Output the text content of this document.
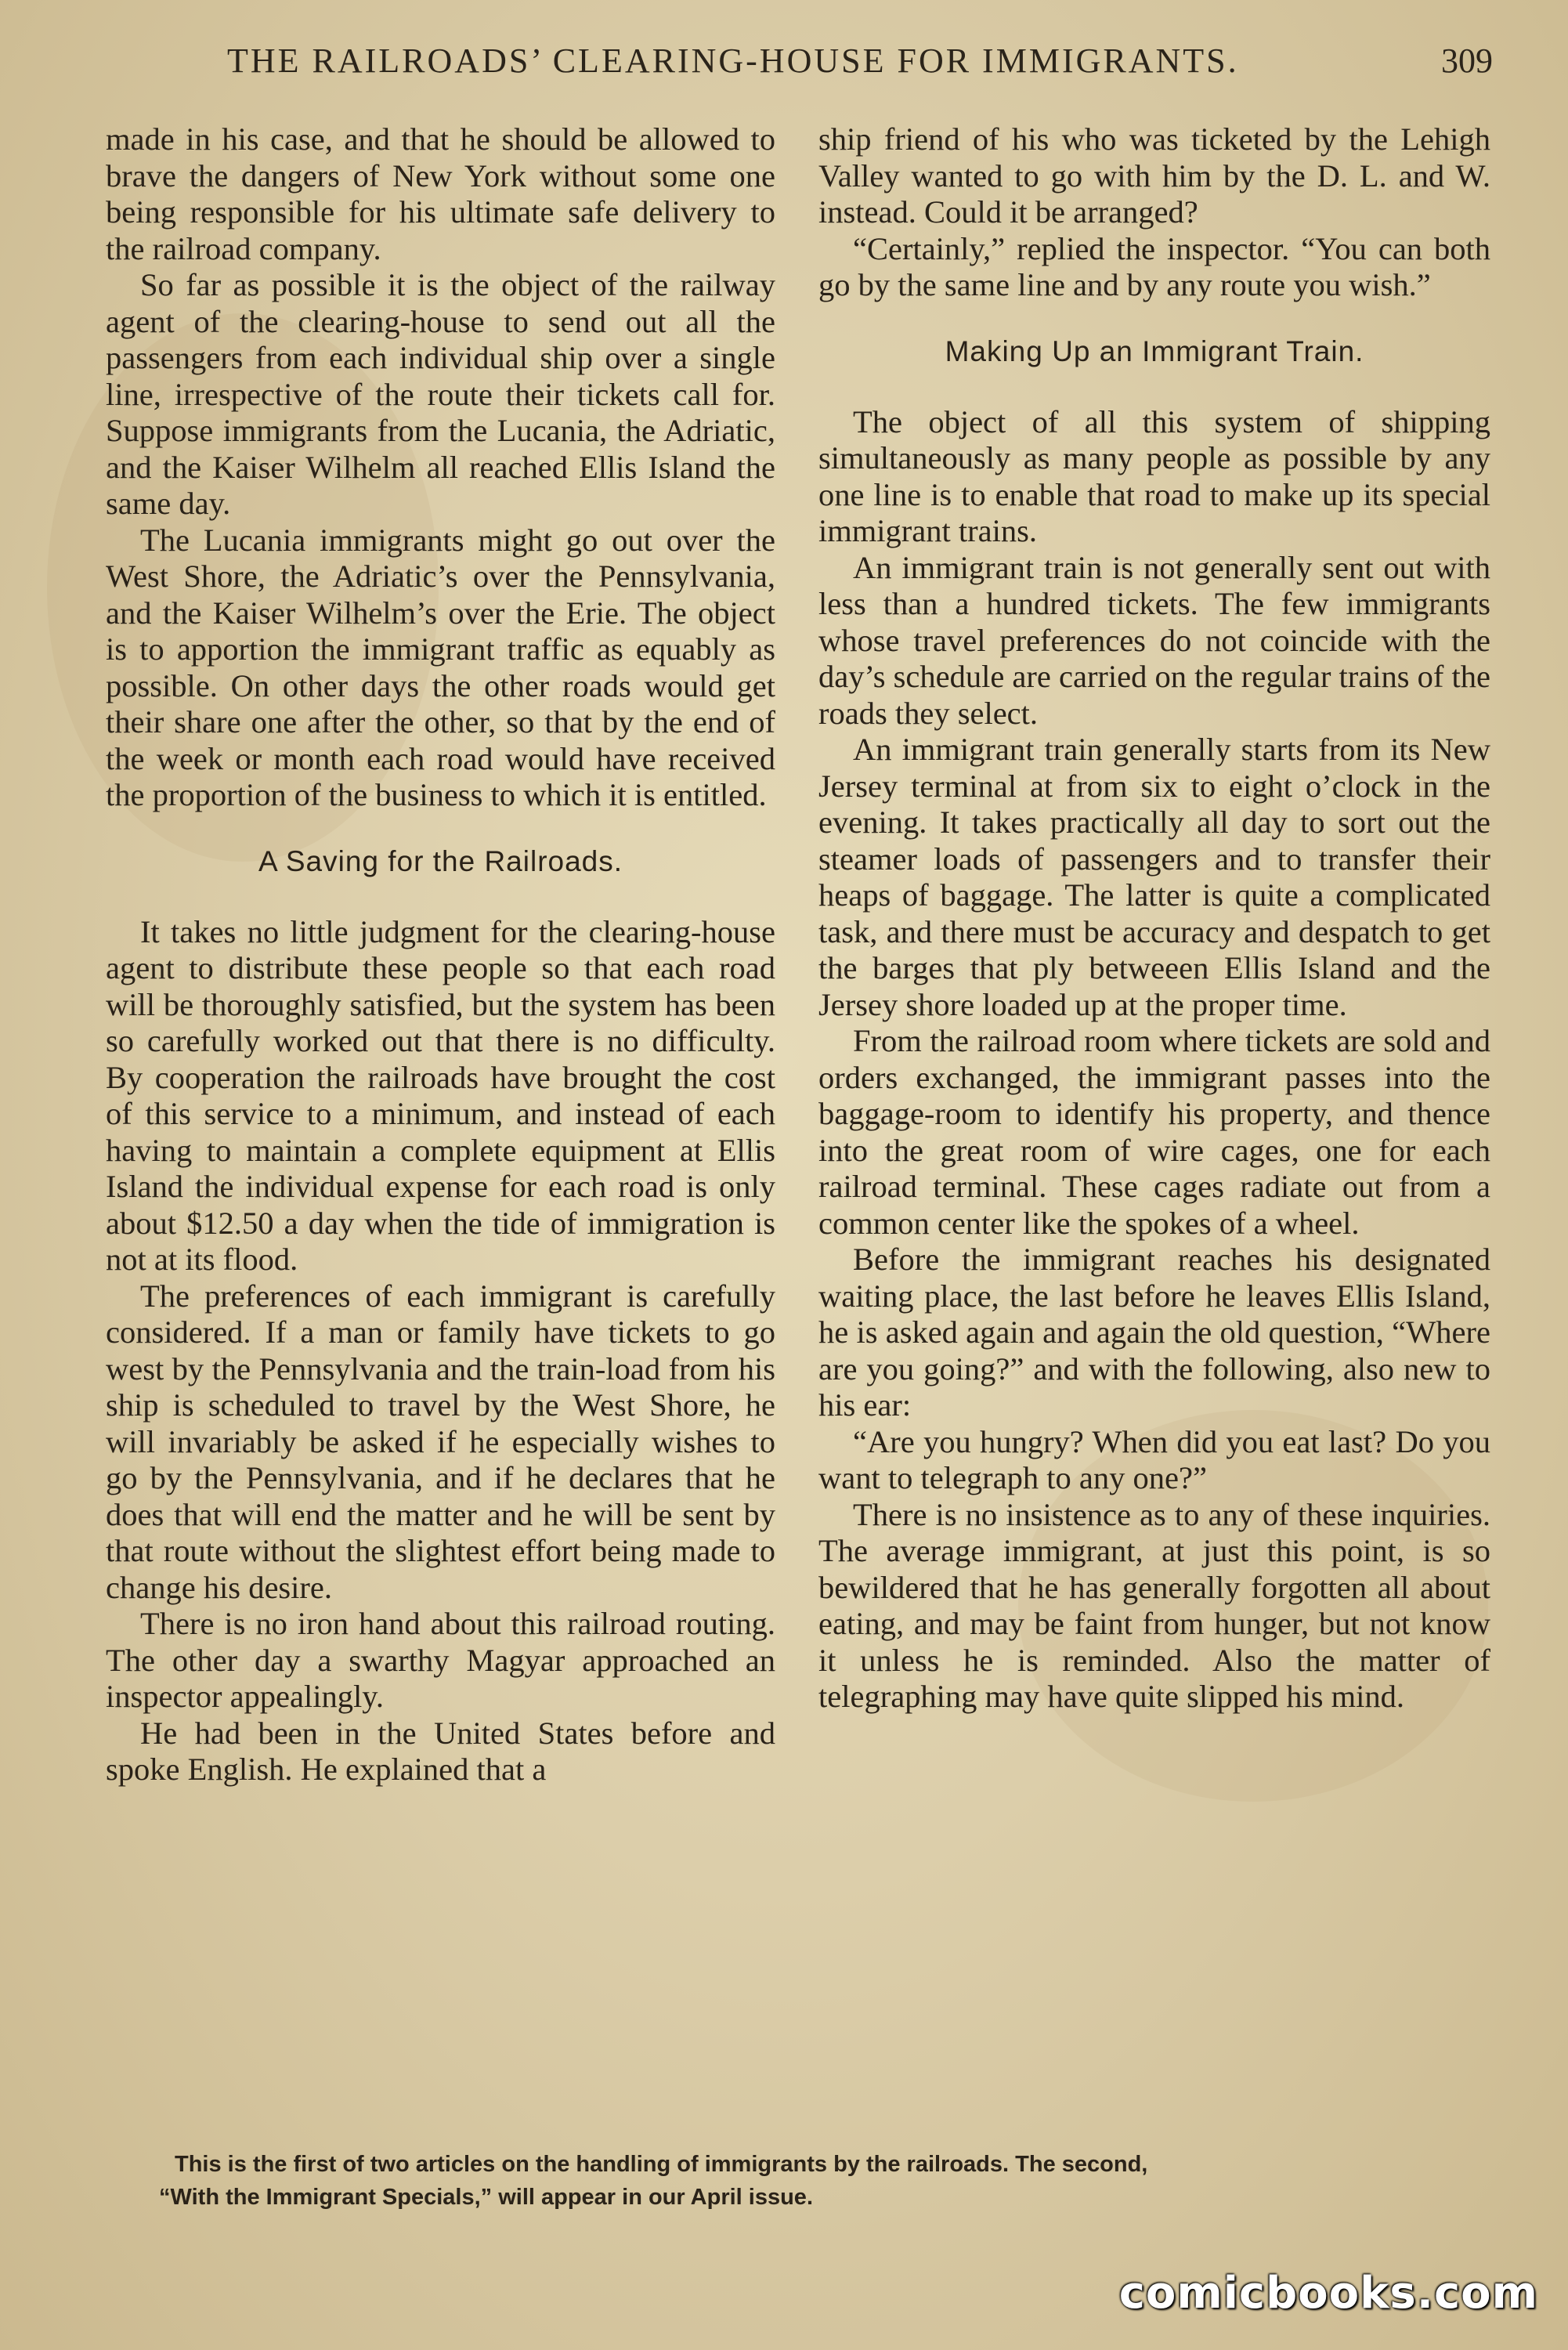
THE RAILROADS’ CLEARING-HOUSE FOR IMMIGRANTS.	309

made in his case, and that he should be allowed to brave the dangers of New York without some one being responsible for his ultimate safe delivery to the railroad company.

So far as possible it is the object of the railway agent of the clearing-house to send out all the passengers from each individual ship over a single line, irrespective of the route their tickets call for. Suppose immigrants from the Lucania, the Adriatic, and the Kaiser Wilhelm all reached Ellis Island the same day.

The Lucania immigrants might go out over the West Shore, the Adriatic’s over the Pennsylvania, and the Kaiser Wilhelm’s over the Erie. The object is to apportion the immigrant traffic as equably as possible. On other days the other roads would get their share one after the other, so that by the end of the week or month each road would have received the proportion of the business to which it is entitled.

A Saving for the Railroads.

It takes no little judgment for the clearing-house agent to distribute these people so that each road will be thoroughly satisfied, but the system has been so carefully worked out that there is no difficulty. By cooperation the railroads have brought the cost of this service to a minimum, and instead of each having to maintain a complete equipment at Ellis Island the individual expense for each road is only about $12.50 a day when the tide of immigration is not at its flood.

The preferences of each immigrant is carefully considered. If a man or family have tickets to go west by the Pennsylvania and the train-load from his ship is scheduled to travel by the West Shore, he will invariably be asked if he especially wishes to go by the Pennsylvania, and if he declares that he does that will end the matter and he will be sent by that route without the slightest effort being made to change his desire.

There is no iron hand about this railroad routing. The other day a swarthy Magyar approached an inspector appealingly.

He had been in the United States before and spoke English. He explained that a

ship friend of his who was ticketed by the Lehigh Valley wanted to go with him by the D. L. and W. instead. Could it be arranged?

“Certainly,” replied the inspector. “You can both go by the same line and by any route you wish.”

Making Up an Immigrant Train.

The object of all this system of shipping simultaneously as many people as possible by any one line is to enable that road to make up its special immigrant trains.

An immigrant train is not generally sent out with less than a hundred tickets. The few immigrants whose travel preferences do not coincide with the day’s schedule are carried on the regular trains of the roads they select.

An immigrant train generally starts from its New Jersey terminal at from six to eight o’clock in the evening. It takes practically all day to sort out the steamer loads of passengers and to transfer their heaps of baggage. The latter is quite a complicated task, and there must be accuracy and despatch to get the barges that ply betweeen Ellis Island and the Jersey shore loaded up at the proper time.

From the railroad room where tickets are sold and orders exchanged, the immigrant passes into the baggage-room to identify his property, and thence into the great room of wire cages, one for each railroad terminal. These cages radiate out from a common center like the spokes of a wheel.

Before the immigrant reaches his designated waiting place, the last before he leaves Ellis Island, he is asked again and again the old question, “Where are you going?” and with the following, also new to his ear:

“Are you hungry? When did you eat last? Do you want to telegraph to any one?”

There is no insistence as to any of these inquiries. The average immigrant, at just this point, is so bewildered that he has generally forgotten all about eating, and may be faint from hunger, but not know it unless he is reminded. Also the matter of telegraphing may have quite slipped his mind.

This is the first of two articles on the handling of immigrants by the railroads. The second,
“With the Immigrant Specials,” will appear in our April issue.
comicbooks.com
